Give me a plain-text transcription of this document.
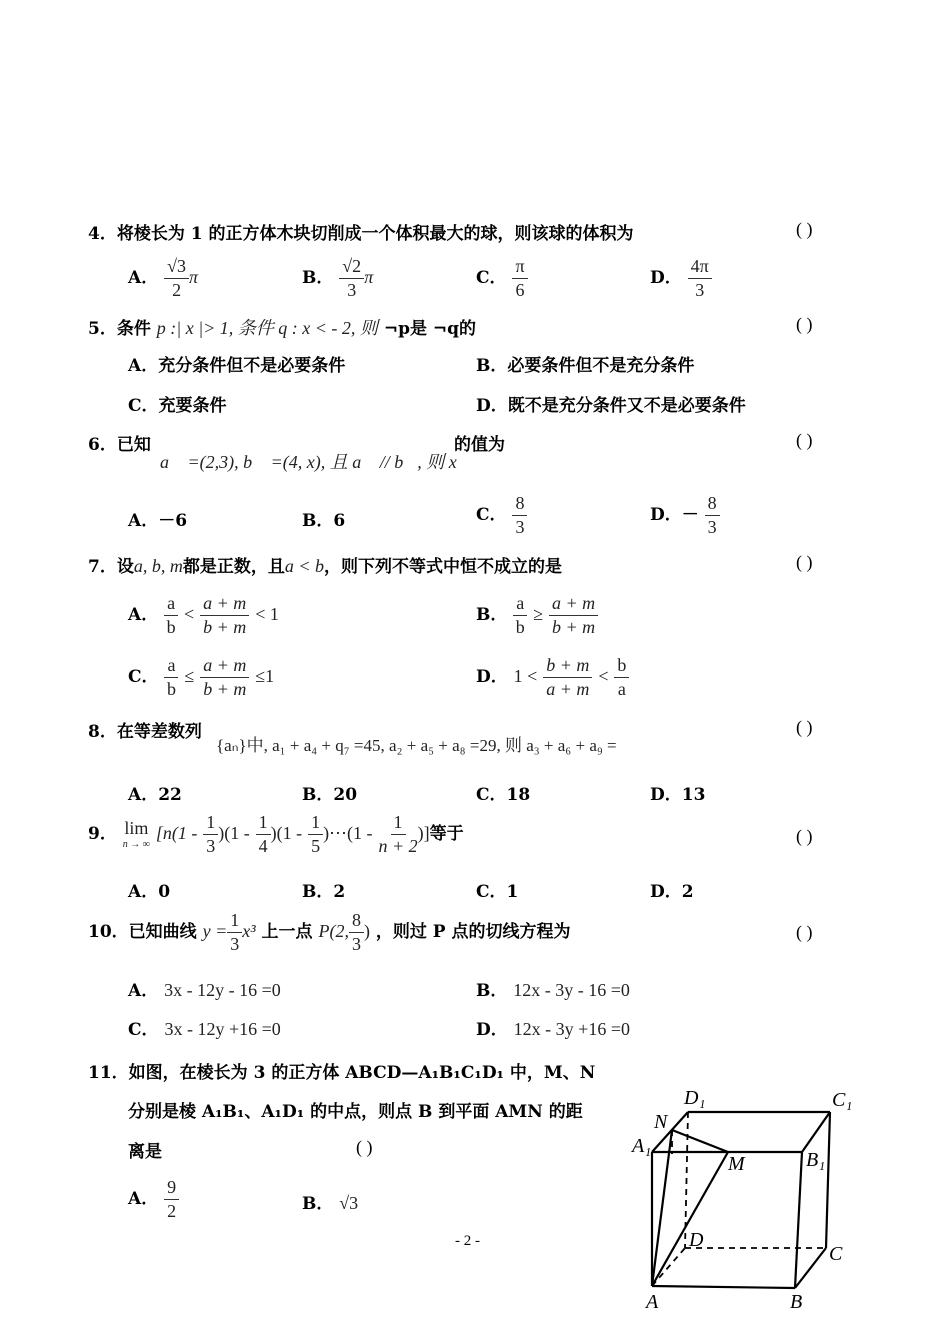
4．将棱长为 1 的正方体木块切削成一个体积最大的球，则该球的体积为	( )
A． $\frac{√3}{2}$ π	B． $\frac{√2}{3}$ π	C． $\frac{\pi}{6}$	D． $\frac{4\pi}{3}$
5．条件 p :| x |> 1, 条件 q : x < - 2, 则 ¬p是 ¬q的	( )
A．充分条件但不是必要条件	B．必要条件但不是充分条件
C．充要条件	D．既不是充分条件又不是必要条件
6．已知
a⃗ =(2,3), b⃗ =(4, x), 且 a⃗ // b⃗, 则 x
的值为	( )
A．－6	B．6	C． $\frac{8}{3}$	D．－ $\frac{8}{3}$
7．设a, b, m都是正数，且a < b，则下列不等式中恒不成立的是	( )
A． $\frac{a}{b} < \frac{a + m}{b + m} < 1$	B． $\frac{a}{b} \ge \frac{a + m}{b + m}$
C． $\frac{a}{b} \le \frac{a + m}{b + m} \le 1$	D． $1 < \frac{b + m}{a + m} < \frac{b}{a}$
8．在等差数列
{aₙ}中, a₁ + a₄ + q₇ =45, a₂ + a₅ + a₈ =29, 则 a₃ + a₆ + a₉ =
( )
A．22	B．20	C．18	D．13
9． lim
n → ∞
[$n(1 - \frac{1}{3} )(1 - \frac{1}{4} )(1 - \frac{1}{5}$ )⋯(1 - $\frac{1}{n + 2}$ )]等于	( )
A．0	B．2	C．1	D．2
10．已知曲线 $y = \frac{1}{3} x^3$ 上一点 P(2, $\frac{8}{3}$ ) ，则过 P 点的切线方程为	( )
A． 3x - 12y - 16 =0	B． 12x - 3y - 16 =0
C． 3x - 12y +16 =0	D． 12x - 3y +16 =0
11．如图，在棱长为 3 的正方体 ABCD—A₁B₁C₁D₁ 中，M、N
分别是棱 A₁B₁、A₁D₁ 的中点，则点 B 到平面 AMN 的距
离是	( )
A． $\frac{9}{2}$	B． √3
N
D₁	C₁
A₁
B₁
M
D
C
A	B
- 2 -
